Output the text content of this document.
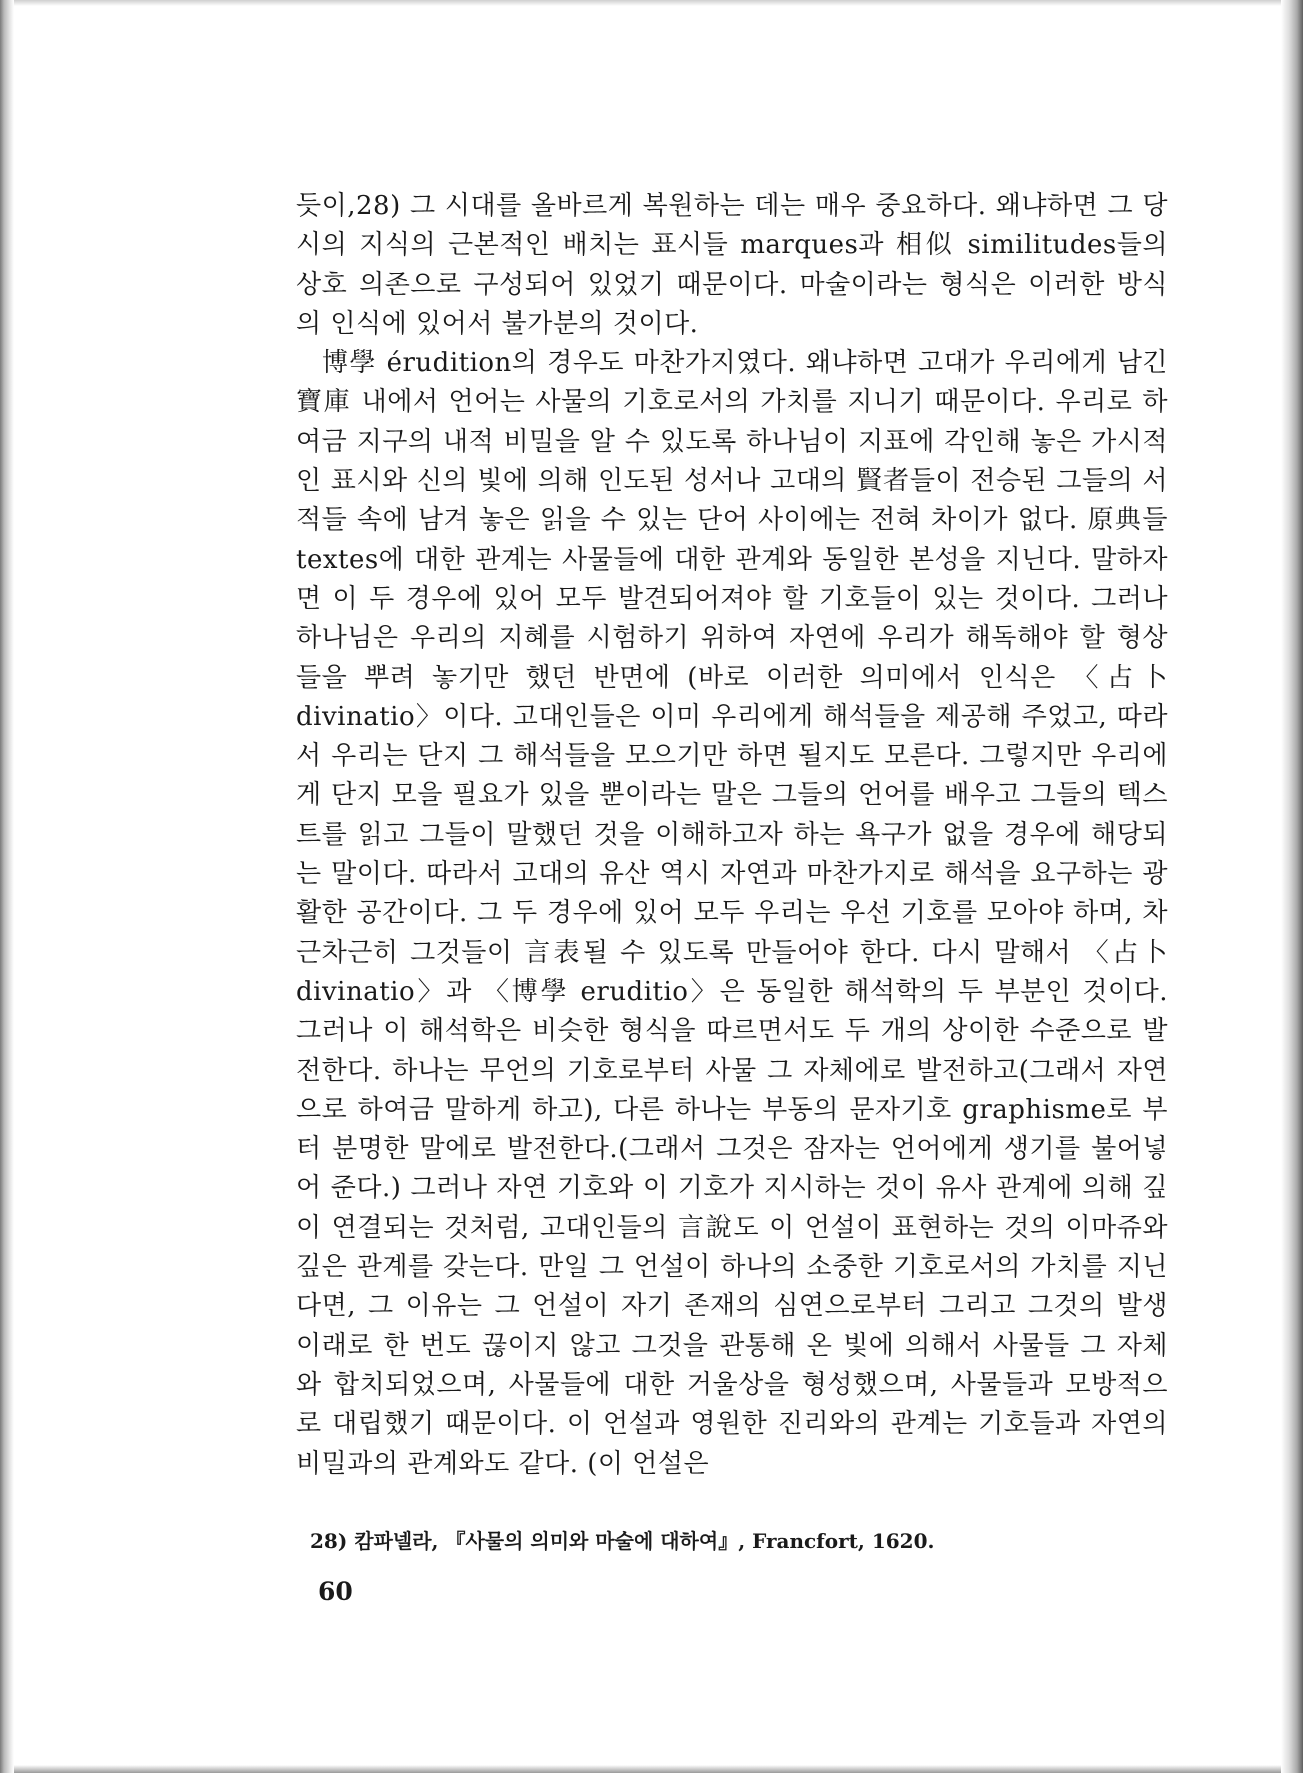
듯이,28) 그 시대를 올바르게 복원하는 데는 매우 중요하다. 왜냐하면 그 당시의 지식의 근본적인 배치는 표시들 marques과 相似 similitudes들의 상호 의존으로 구성되어 있었기 때문이다. 마술이라는 형식은 이러한 방식의 인식에 있어서 불가분의 것이다.

博學 érudition의 경우도 마찬가지였다. 왜냐하면 고대가 우리에게 남긴 寶庫 내에서 언어는 사물의 기호로서의 가치를 지니기 때문이다. 우리로 하여금 지구의 내적 비밀을 알 수 있도록 하나님이 지표에 각인해 놓은 가시적인 표시와 신의 빛에 의해 인도된 성서나 고대의 賢者들이 전승된 그들의 서적들 속에 남겨 놓은 읽을 수 있는 단어 사이에는 전혀 차이가 없다. 原典들 textes에 대한 관계는 사물들에 대한 관계와 동일한 본성을 지닌다. 말하자면 이 두 경우에 있어 모두 발견되어져야 할 기호들이 있는 것이다. 그러나 하나님은 우리의 지혜를 시험하기 위하여 자연에 우리가 해독해야 할 형상들을 뿌려 놓기만 했던 반면에 (바로 이러한 의미에서 인식은 〈占卜 divinatio〉이다. 고대인들은 이미 우리에게 해석들을 제공해 주었고, 따라서 우리는 단지 그 해석들을 모으기만 하면 될지도 모른다. 그렇지만 우리에게 단지 모을 필요가 있을 뿐이라는 말은 그들의 언어를 배우고 그들의 텍스트를 읽고 그들이 말했던 것을 이해하고자 하는 욕구가 없을 경우에 해당되는 말이다. 따라서 고대의 유산 역시 자연과 마찬가지로 해석을 요구하는 광활한 공간이다. 그 두 경우에 있어 모두 우리는 우선 기호를 모아야 하며, 차근차근히 그것들이 言表될 수 있도록 만들어야 한다. 다시 말해서 〈占卜 divinatio〉과 〈博學 eruditio〉은 동일한 해석학의 두 부분인 것이다. 그러나 이 해석학은 비슷한 형식을 따르면서도 두 개의 상이한 수준으로 발전한다. 하나는 무언의 기호로부터 사물 그 자체에로 발전하고(그래서 자연으로 하여금 말하게 하고), 다른 하나는 부동의 문자기호 graphisme로 부터 분명한 말에로 발전한다.(그래서 그것은 잠자는 언어에게 생기를 불어넣어 준다.) 그러나 자연 기호와 이 기호가 지시하는 것이 유사 관계에 의해 깊이 연결되는 것처럼, 고대인들의 言說도 이 언설이 표현하는 것의 이마쥬와 깊은 관계를 갖는다. 만일 그 언설이 하나의 소중한 기호로서의 가치를 지닌다면, 그 이유는 그 언설이 자기 존재의 심연으로부터 그리고 그것의 발생 이래로 한 번도 끊이지 않고 그것을 관통해 온 빛에 의해서 사물들 그 자체와 합치되었으며, 사물들에 대한 거울상을 형성했으며, 사물들과 모방적으로 대립했기 때문이다. 이 언설과 영원한 진리와의 관계는 기호들과 자연의 비밀과의 관계와도 같다. (이 언설은

28) 캄파넬라, 『사물의 의미와 마술에 대하여』, Francfort, 1620.
60
